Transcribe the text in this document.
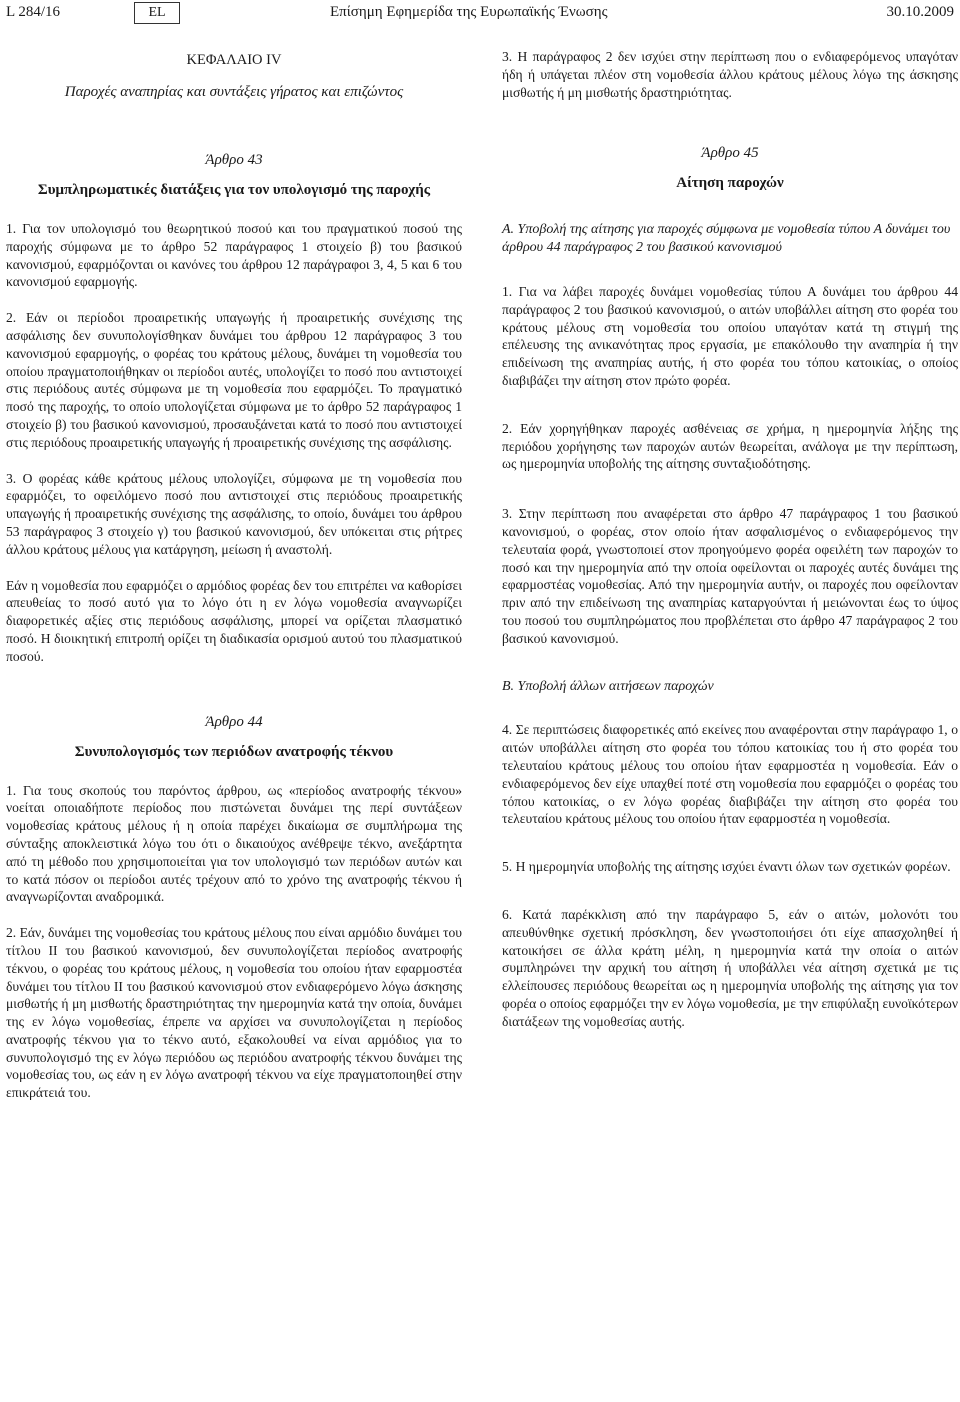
L 284/16	EL	Επίσημη Εφημερίδα της Ευρωπαϊκής Ένωσης	30.10.2009
ΚΕΦΑΛΑΙΟ IV
Παροχές αναπηρίας και συντάξεις γήρατος και επιζώντος
Άρθρο 43
Συμπληρωματικές διατάξεις για τον υπολογισμό της παροχής

1. Για τον υπολογισμό του θεωρητικού ποσού και του πραγματικού ποσού της παροχής σύμφωνα με το άρθρο 52 παράγραφος 1 στοιχείο β) του βασικού κανονισμού, εφαρμόζονται οι κανόνες του άρθρου 12 παράγραφοι 3, 4, 5 και 6 του κανονισμού εφαρμογής.

2. Εάν οι περίοδοι προαιρετικής υπαγωγής ή προαιρετικής συνέχισης της ασφάλισης δεν συνυπολογίσθηκαν δυνάμει του άρθρου 12 παράγραφος 3 του κανονισμού εφαρμογής, ο φορέας του κράτους μέλους, δυνάμει τη νομοθεσία του οποίου πραγματοποιήθηκαν οι περίοδοι αυτές, υπολογίζει το ποσό που αντιστοιχεί στις περιόδους αυτές σύμφωνα με τη νομοθεσία που εφαρμόζει. Το πραγματικό ποσό της παροχής, το οποίο υπολογίζεται σύμφωνα με το άρθρο 52 παράγραφος 1 στοιχείο β) του βασικού κανονισμού, προσαυξάνεται κατά το ποσό που αντιστοιχεί στις περιόδους προαιρετικής υπαγωγής ή προαιρετικής συνέχισης της ασφάλισης.

3. Ο φορέας κάθε κράτους μέλους υπολογίζει, σύμφωνα με τη νομοθεσία που εφαρμόζει, το οφειλόμενο ποσό που αντιστοιχεί στις περιόδους προαιρετικής υπαγωγής ή προαιρετικής συνέχισης της ασφάλισης, το οποίο, δυνάμει του άρθρου 53 παράγραφος 3 στοιχείο γ) του βασικού κανονισμού, δεν υπόκειται στις ρήτρες άλλου κράτους μέλους για κατάργηση, μείωση ή αναστολή.

Εάν η νομοθεσία που εφαρμόζει ο αρμόδιος φορέας δεν του επιτρέπει να καθορίσει απευθείας το ποσό αυτό για το λόγο ότι η εν λόγω νομοθεσία αναγνωρίζει διαφορετικές αξίες στις περιόδους ασφάλισης, μπορεί να ορίζεται πλασματικό ποσό. Η διοικητική επιτροπή ορίζει τη διαδικασία ορισμού αυτού του πλασματικού ποσού.

Άρθρο 44
Συνυπολογισμός των περιόδων ανατροφής τέκνου

1. Για τους σκοπούς του παρόντος άρθρου, ως «περίοδος ανατροφής τέκνου» νοείται οποιαδήποτε περίοδος που πιστώνεται δυνάμει της περί συντάξεων νομοθεσίας κράτους μέλους ή η οποία παρέχει δικαίωμα σε συμπλήρωμα της σύνταξης αποκλειστικά λόγω του ότι ο δικαιούχος ανέθρεψε τέκνο, ανεξάρτητα από τη μέθοδο που χρησιμοποιείται για τον υπολογισμό των περιόδων αυτών και το κατά πόσον οι περίοδοι αυτές τρέχουν από το χρόνο της ανατροφής τέκνου ή αναγνωρίζονται αναδρομικά.

2. Εάν, δυνάμει της νομοθεσίας του κράτους μέλους που είναι αρμόδιο δυνάμει του τίτλου II του βασικού κανονισμού, δεν συνυπολογίζεται περίοδος ανατροφής τέκνου, ο φορέας του κράτους μέλους, η νομοθεσία του οποίου ήταν εφαρμοστέα δυνάμει του τίτλου II του βασικού κανονισμού στον ενδιαφερόμενο λόγω άσκησης μισθωτής ή μη μισθωτής δραστηριότητας την ημερομηνία κατά την οποία, δυνάμει της εν λόγω νομοθεσίας, έπρεπε να αρχίσει να συνυπολογίζεται η περίοδος ανατροφής τέκνου για το τέκνο αυτό, εξακολουθεί να είναι αρμόδιος για το συνυπολογισμό της εν λόγω περιόδου ως περιόδου ανατροφής τέκνου δυνάμει της νομοθεσίας του, ως εάν η εν λόγω ανατροφή τέκνου να είχε πραγματοποιηθεί στην επικράτειά του.

3. Η παράγραφος 2 δεν ισχύει στην περίπτωση που ο ενδιαφερόμενος υπαγόταν ήδη ή υπάγεται πλέον στη νομοθεσία άλλου κράτους μέλους λόγω της άσκησης μισθωτής ή μη μισθωτής δραστηριότητας.

Άρθρο 45
Αίτηση παροχών

Α. Υποβολή της αίτησης για παροχές σύμφωνα με νομοθεσία τύπου Α δυνάμει του άρθρου 44 παράγραφος 2 του βασικού κανονισμού

1. Για να λάβει παροχές δυνάμει νομοθεσίας τύπου Α δυνάμει του άρθρου 44 παράγραφος 2 του βασικού κανονισμού, ο αιτών υποβάλλει αίτηση στο φορέα του κράτους μέλους στη νομοθεσία του οποίου υπαγόταν κατά τη στιγμή της επέλευσης της ανικανότητας προς εργασία, με επακόλουθο την αναπηρία ή την επιδείνωση της αναπηρίας αυτής, ή στο φορέα του τόπου κατοικίας, ο οποίος διαβιβάζει την αίτηση στον πρώτο φορέα.

2. Εάν χορηγήθηκαν παροχές ασθένειας σε χρήμα, η ημερομηνία λήξης της περιόδου χορήγησης των παροχών αυτών θεωρείται, ανάλογα με την περίπτωση, ως ημερομηνία υποβολής της αίτησης συνταξιοδότησης.

3. Στην περίπτωση που αναφέρεται στο άρθρο 47 παράγραφος 1 του βασικού κανονισμού, ο φορέας, στον οποίο ήταν ασφαλισμένος ο ενδιαφερόμενος την τελευταία φορά, γνωστοποιεί στον προηγούμενο φορέα οφειλέτη των παροχών το ποσό και την ημερομηνία από την οποία οφείλονται οι παροχές αυτές δυνάμει της εφαρμοστέας νομοθεσίας. Από την ημερομηνία αυτήν, οι παροχές που οφείλονταν πριν από την επιδείνωση της αναπηρίας καταργούνται ή μειώνονται έως το ύψος του ποσού του συμπληρώματος που προβλέπεται στο άρθρο 47 παράγραφος 2 του βασικού κανονισμού.

Β. Υποβολή άλλων αιτήσεων παροχών

4. Σε περιπτώσεις διαφορετικές από εκείνες που αναφέρονται στην παράγραφο 1, ο αιτών υποβάλλει αίτηση στο φορέα του τόπου κατοικίας του ή στο φορέα του τελευταίου κράτους μέλους του οποίου ήταν εφαρμοστέα η νομοθεσία. Εάν ο ενδιαφερόμενος δεν είχε υπαχθεί ποτέ στη νομοθεσία που εφαρμόζει ο φορέας του τόπου κατοικίας, ο εν λόγω φορέας διαβιβάζει την αίτηση στο φορέα του τελευταίου κράτους μέλους του οποίου ήταν εφαρμοστέα η νομοθεσία.

5. Η ημερομηνία υποβολής της αίτησης ισχύει έναντι όλων των σχετικών φορέων.

6. Κατά παρέκκλιση από την παράγραφο 5, εάν ο αιτών, μολονότι του απευθύνθηκε σχετική πρόσκληση, δεν γνωστοποιήσει ότι είχε απασχοληθεί ή κατοικήσει σε άλλα κράτη μέλη, η ημερομηνία κατά την οποία ο αιτών συμπληρώνει την αρχική του αίτηση ή υποβάλλει νέα αίτηση σχετικά με τις ελλείπουσες περιόδους θεωρείται ως η ημερομηνία υποβολής της αίτησης για τον φορέα ο οποίος εφαρμόζει την εν λόγω νομοθεσία, με την επιφύλαξη ευνοϊκότερων διατάξεων της νομοθεσίας αυτής.
